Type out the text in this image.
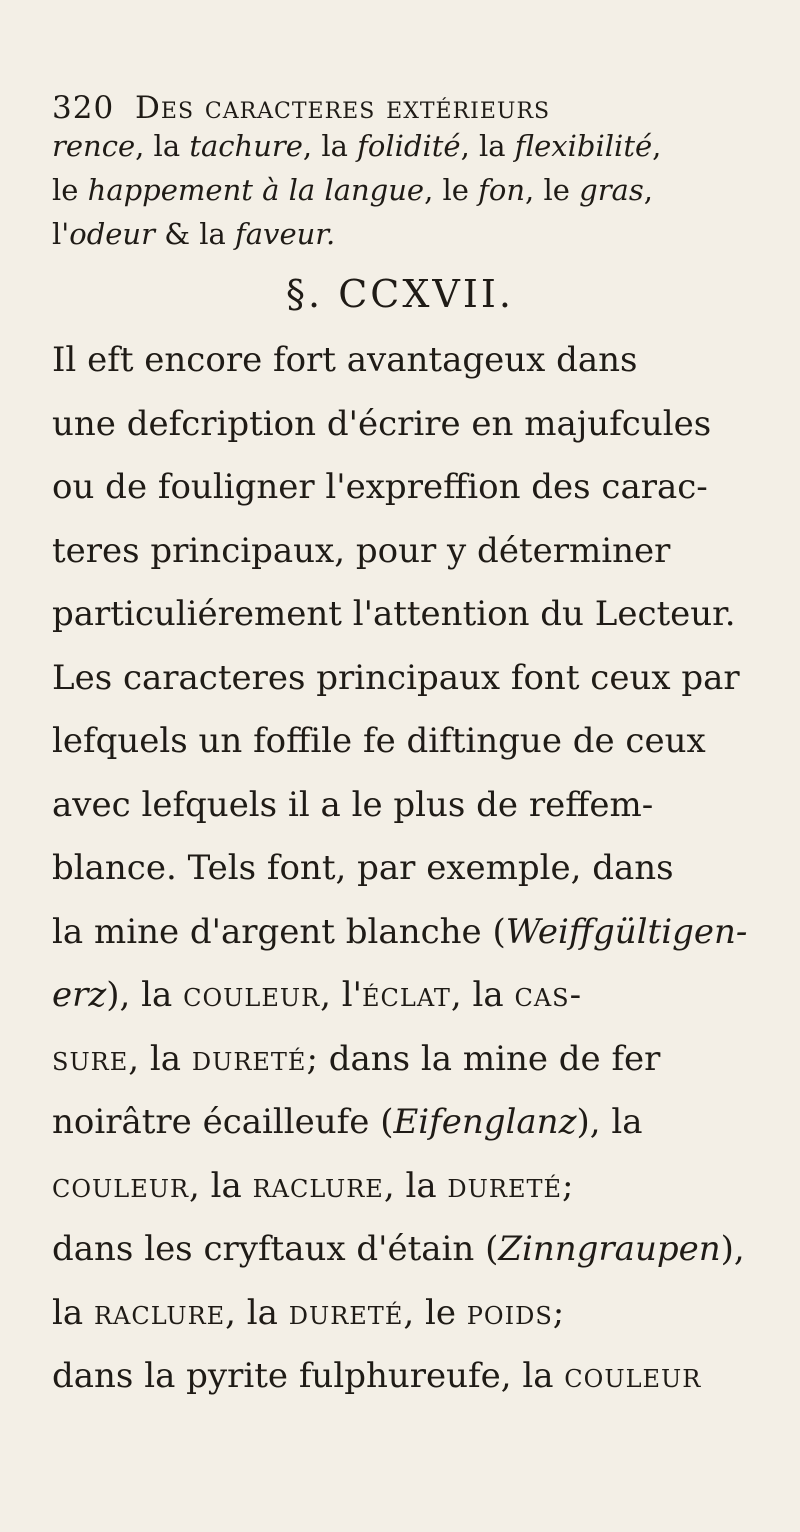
320 Des caracteres extérieurs
rence, la tachure, la folidité, la flexibilité,
le happement à la langue, le fon, le gras,
l'odeur & la faveur.
§. CCXVII.
Il eft encore fort avantageux dans
une defcription d'écrire en majufcules
ou de fouligner l'expreffion des carac-
teres principaux, pour y déterminer
particuliérement l'attention du Lecteur.
Les caracteres principaux font ceux par
lefquels un foffile fe diftingue de ceux
avec lefquels il a le plus de reffem-
blance. Tels font, par exemple, dans
la mine d'argent blanche (Weiffgültigen-
erz), la couleur, l'éclat, la cas-
sure, la dureté; dans la mine de fer
noirâtre écailleufe (Eifenglanz), la
couleur, la raclure, la dureté;
dans les cryftaux d'étain (Zinngraupen),
la raclure, la dureté, le poids;
dans la pyrite fulphureufe, la couleur
